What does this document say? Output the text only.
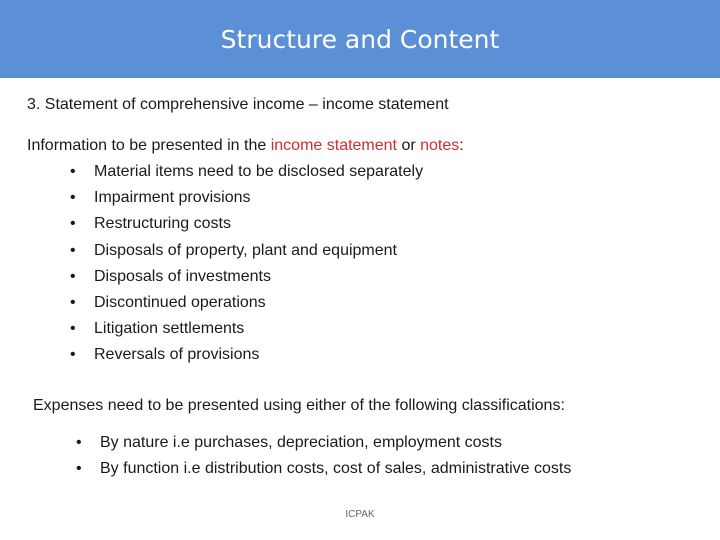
Structure and Content
3. Statement of comprehensive income – income statement
Information to be presented in the income statement or notes:
• Material items need to be disclosed separately
• Impairment provisions
• Restructuring costs
• Disposals of property, plant and equipment
• Disposals of investments
• Discontinued operations
• Litigation settlements
• Reversals of provisions
Expenses need to be presented using either of the following classifications:
• By nature i.e purchases, depreciation, employment costs
• By function i.e distribution costs, cost of sales, administrative costs
ICPAK
